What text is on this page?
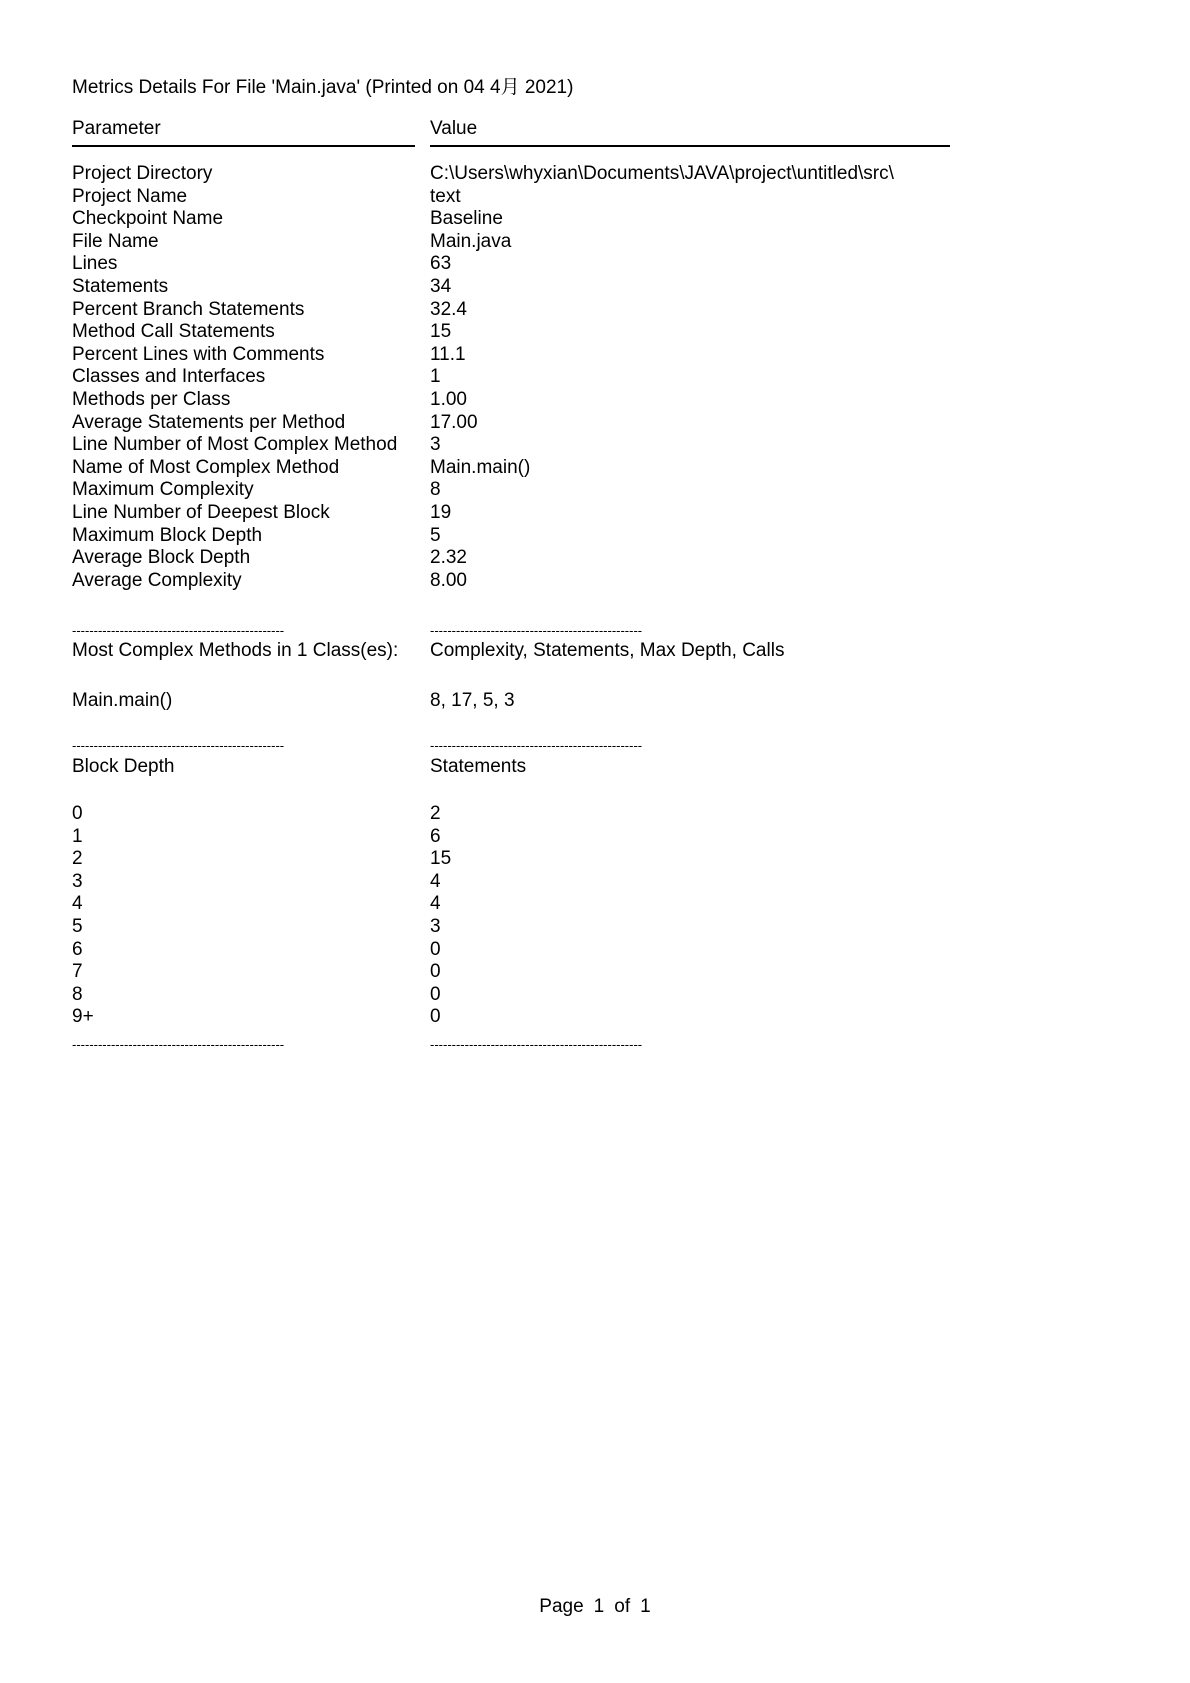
Metrics Details For File 'Main.java' (Printed on 04 4月 2021)
Parameter	Value
Project Directory	C:\Users\whyxian\Documents\JAVA\project\untitled\src\
Project Name	text
Checkpoint Name	Baseline
File Name	Main.java
Lines	63
Statements	34
Percent Branch Statements	32.4
Method Call Statements	15
Percent Lines with Comments	11.1
Classes and Interfaces	1
Methods per Class	1.00
Average Statements per Method	17.00
Line Number of Most Complex Method 3
Name of Most Complex Method	Main.main()
Maximum Complexity	8
Line Number of Deepest Block	19
Maximum Block Depth	5
Average Block Depth	2.32
Average Complexity	8.00
-------------------------------------------------	-------------------------------------------------
Most Complex Methods in 1 Class(es): Complexity, Statements, Max Depth, Calls
Main.main()	8, 17, 5, 3
-------------------------------------------------	-------------------------------------------------
Block Depth	Statements
0	2
1	6
2	15
3	4
4	4
5	3
6	0
7	0
8	0
9+	0
-------------------------------------------------	-------------------------------------------------
Page 1 of 1
